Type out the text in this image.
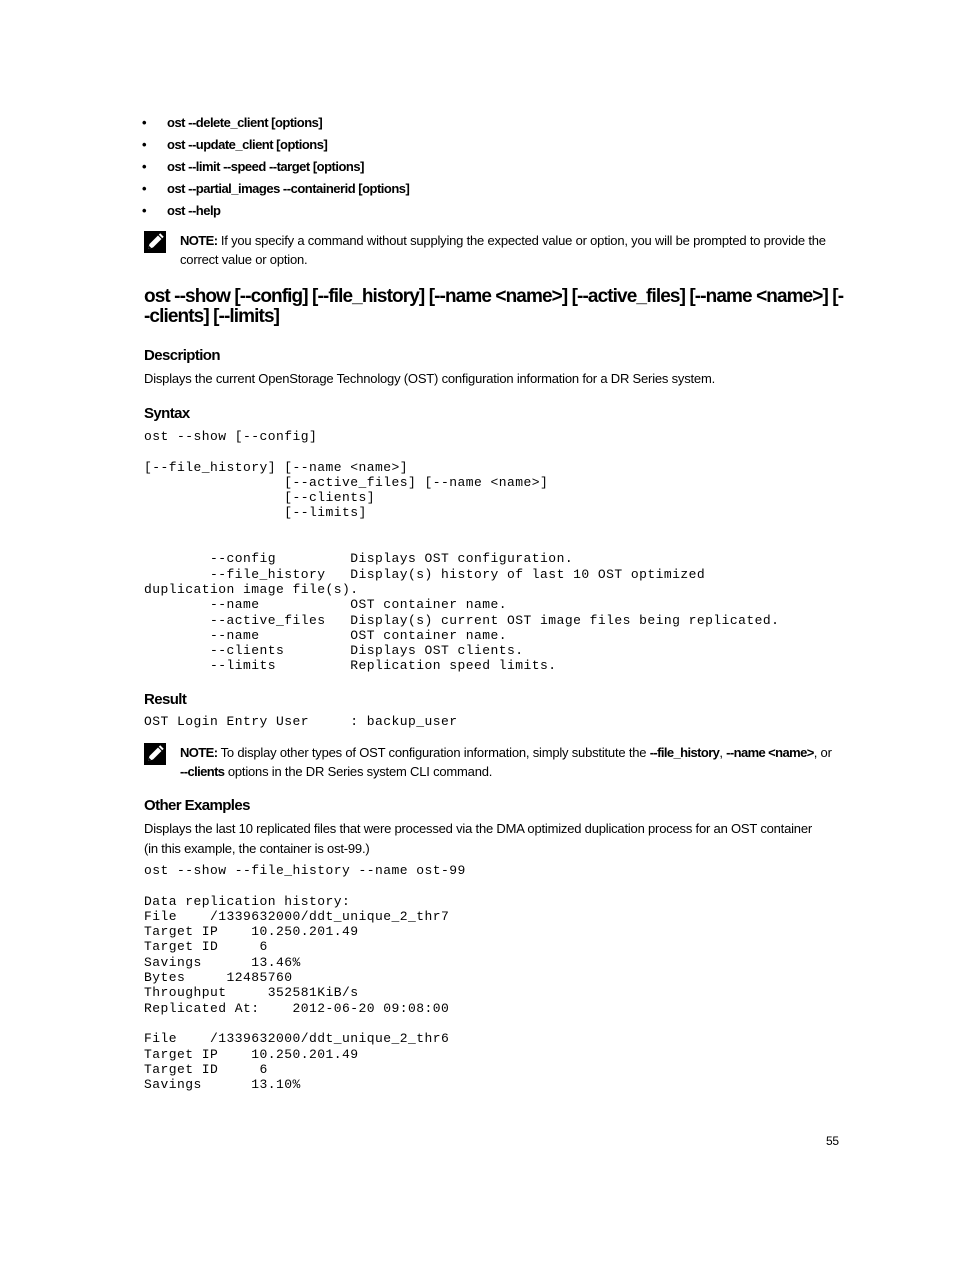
• ost --delete_client [options]
• ost --update_client [options]
• ost --limit --speed --target [options]
• ost --partial_images --containerid [options]
• ost --help
NOTE: If you specify a command without supplying the expected value or option, you will be prompted to provide the correct value or option.
ost --show [--config] [--file_history] [--name <name>] [--active_files] [--name <name>] [--clients] [--limits]
Description

Displays the current OpenStorage Technology (OST) configuration information for a DR Series system.

Syntax
ost --show [--config]

[--file_history] [--name <name>]
[--active_files] [--name <name>]
[--clients]
[--limits]

--config         Displays OST configuration.
--file_history   Display(s) history of last 10 OST optimized
duplication image file(s).
--name           OST container name.
--active_files   Display(s) current OST image files being replicated.
--name           OST container name.
--clients        Displays OST clients.
--limits         Replication speed limits.
Result
OST Login Entry User     : backup_user
NOTE: To display other types of OST configuration information, simply substitute the --file_history, --name <name>, or --clients options in the DR Series system CLI command.
Other Examples

Displays the last 10 replicated files that were processed via the DMA optimized duplication process for an OST container (in this example, the container is ost-99.)

ost --show --file_history --name ost-99

Data replication history:
File    /1339632000/ddt_unique_2_thr7
Target IP    10.250.201.49
Target ID     6
Savings      13.46%
Bytes     12485760
Throughput     352581KiB/s
Replicated At:    2012-06-20 09:08:00

File    /1339632000/ddt_unique_2_thr6
Target IP    10.250.201.49
Target ID     6
Savings      13.10%
55
